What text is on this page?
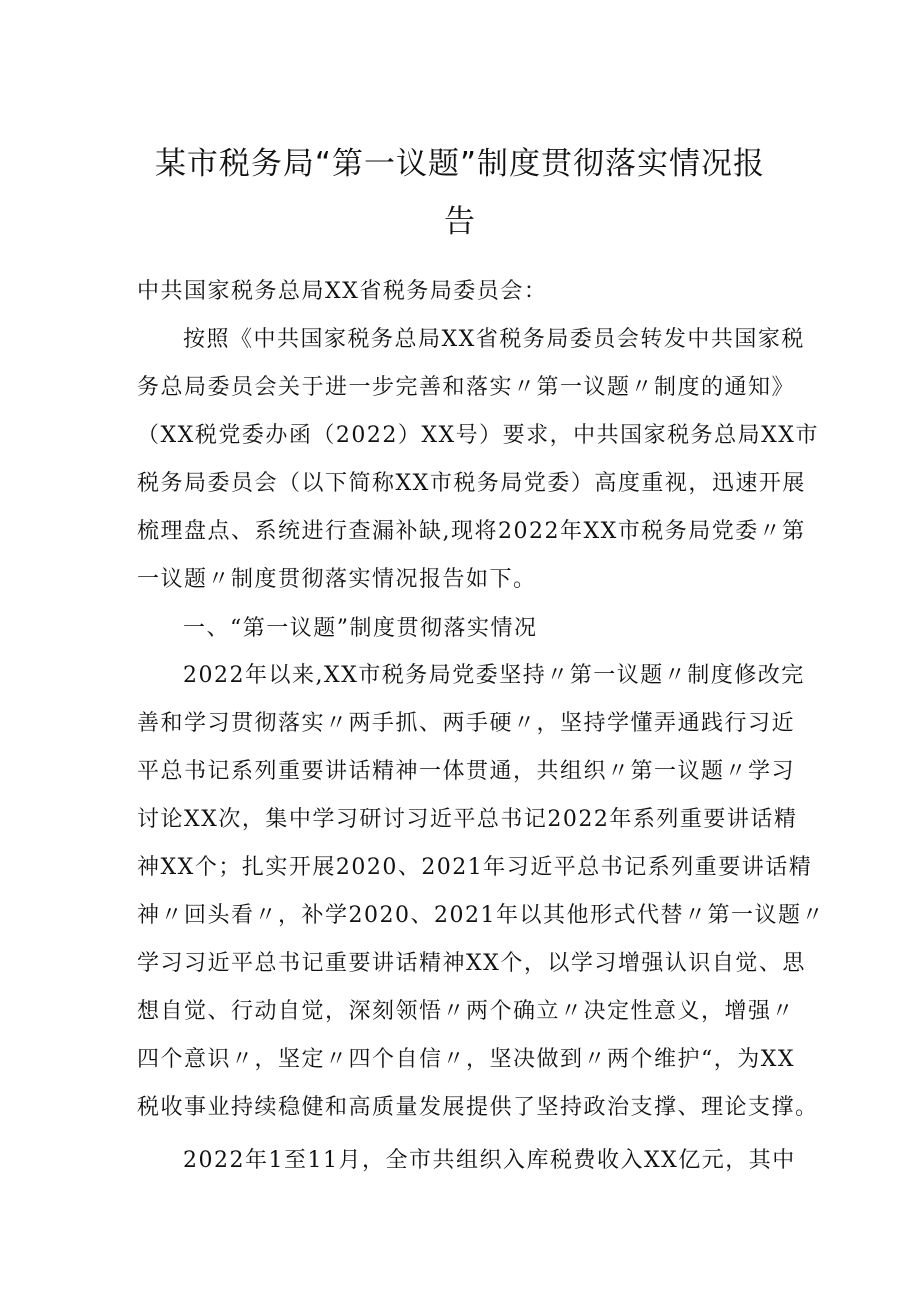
某市税务局“第一议题”制度贯彻落实情况报
告

中共国家税务总局XX省税务局委员会：

按照《中共国家税务总局XX省税务局委员会转发中共国家税
务总局委员会关于进一步完善和落实〃第一议题〃制度的通知》
（XX税党委办函（2022）XX号）要求，中共国家税务总局XX市
税务局委员会（以下简称XX市税务局党委）高度重视，迅速开展
梳理盘点、系统进行查漏补缺,现将2022年XX市税务局党委〃第
一议题〃制度贯彻落实情况报告如下。

一、“第一议题”制度贯彻落实情况

2022年以来,XX市税务局党委坚持〃第一议题〃制度修改完
善和学习贯彻落实〃两手抓、两手硬〃，坚持学懂弄通践行习近
平总书记系列重要讲话精神一体贯通，共组织〃第一议题〃学习
讨论XX次，集中学习研讨习近平总书记2022年系列重要讲话精
神XX个；扎实开展2020、2021年习近平总书记系列重要讲话精
神〃回头看〃，补学2020、2021年以其他形式代替〃第一议题〃
学习习近平总书记重要讲话精神XX个，以学习增强认识自觉、思
想自觉、行动自觉，深刻领悟〃两个确立〃决定性意义，增强〃
四个意识〃，坚定〃四个自信〃，坚决做到〃两个维护“，为XX
税收事业持续稳健和高质量发展提供了坚持政治支撑、理论支撑。
2022年1至11月，全市共组织入库税费收入XX亿元，其中
